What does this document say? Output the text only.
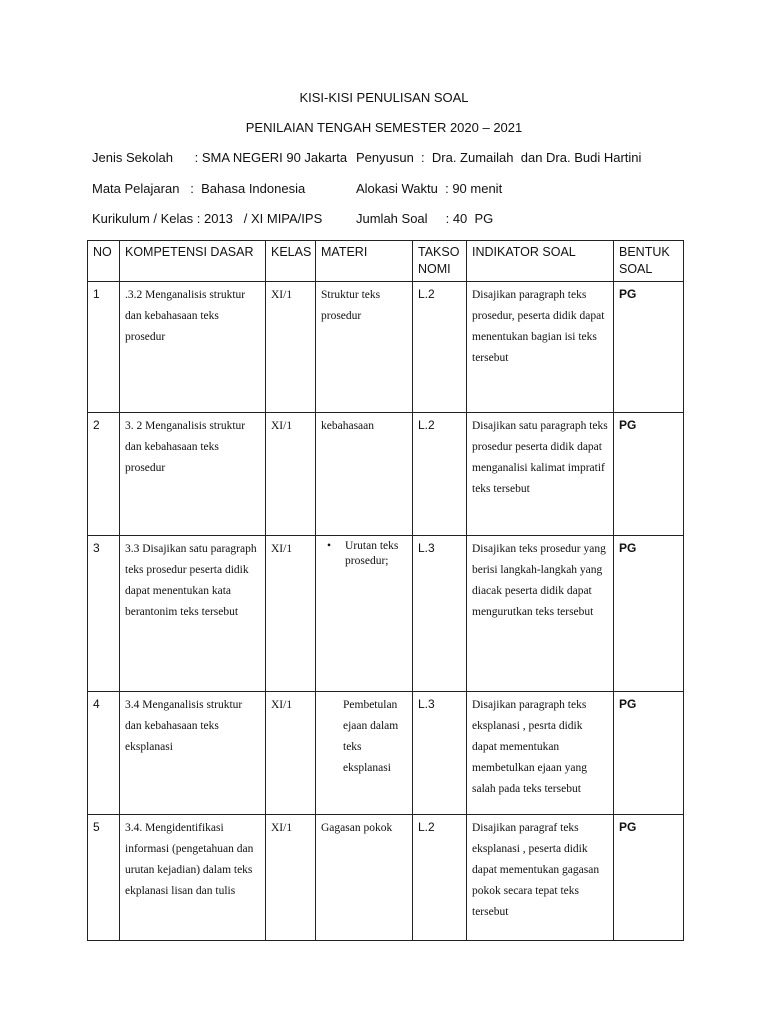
KISI-KISI PENULISAN SOAL
PENILAIAN TENGAH SEMESTER 2020 – 2021
Jenis Sekolah      : SMA NEGERI 90 Jakarta Penyusun  :  Dra. Zumailah  dan Dra. Budi Hartini
Mata Pelajaran   :  Bahasa Indonesia	Alokasi Waktu  : 90 menit
Kurikulum / Kelas : 2013   / XI MIPA/IPS	Jumlah Soal     : 40  PG
NO	KOMPETENSI DASAR	KELAS	MATERI	TAKSO NOMI	INDIKATOR SOAL	BENTUK SOAL
1	.3.2 Menganalisis struktur dan kebahasaan teks prosedur	XI/1	Struktur teks prosedur	L.2	Disajikan paragraph teks prosedur, peserta didik dapat menentukan bagian isi teks tersebut	PG
2	3. 2 Menganalisis struktur dan kebahasaan teks prosedur	XI/1	kebahasaan	L.2	Disajikan satu paragraph teks prosedur peserta didik dapat menganalisi kalimat impratif teks tersebut	PG
3	3.3 Disajikan satu paragraph teks prosedur peserta didik dapat menentukan kata berantonim teks tersebut	XI/1	• Urutan teks prosedur;	L.3	Disajikan teks prosedur yang berisi langkah-langkah yang diacak peserta didik dapat mengurutkan teks tersebut	PG
4	3.4 Menganalisis struktur dan kebahasaan teks eksplanasi	XI/1	Pembetulan ejaan dalam teks eksplanasi	L.3	Disajikan paragraph teks eksplanasi , pesrta didik dapat mementukan membetulkan ejaan yang salah pada teks tersebut	PG
5	3.4. Mengidentifikasi informasi (pengetahuan dan urutan kejadian) dalam teks ekplanasi lisan dan tulis	XI/1	Gagasan pokok	L.2	Disajikan paragraf teks eksplanasi , peserta didik dapat mementukan gagasan pokok secara tepat teks tersebut	PG
